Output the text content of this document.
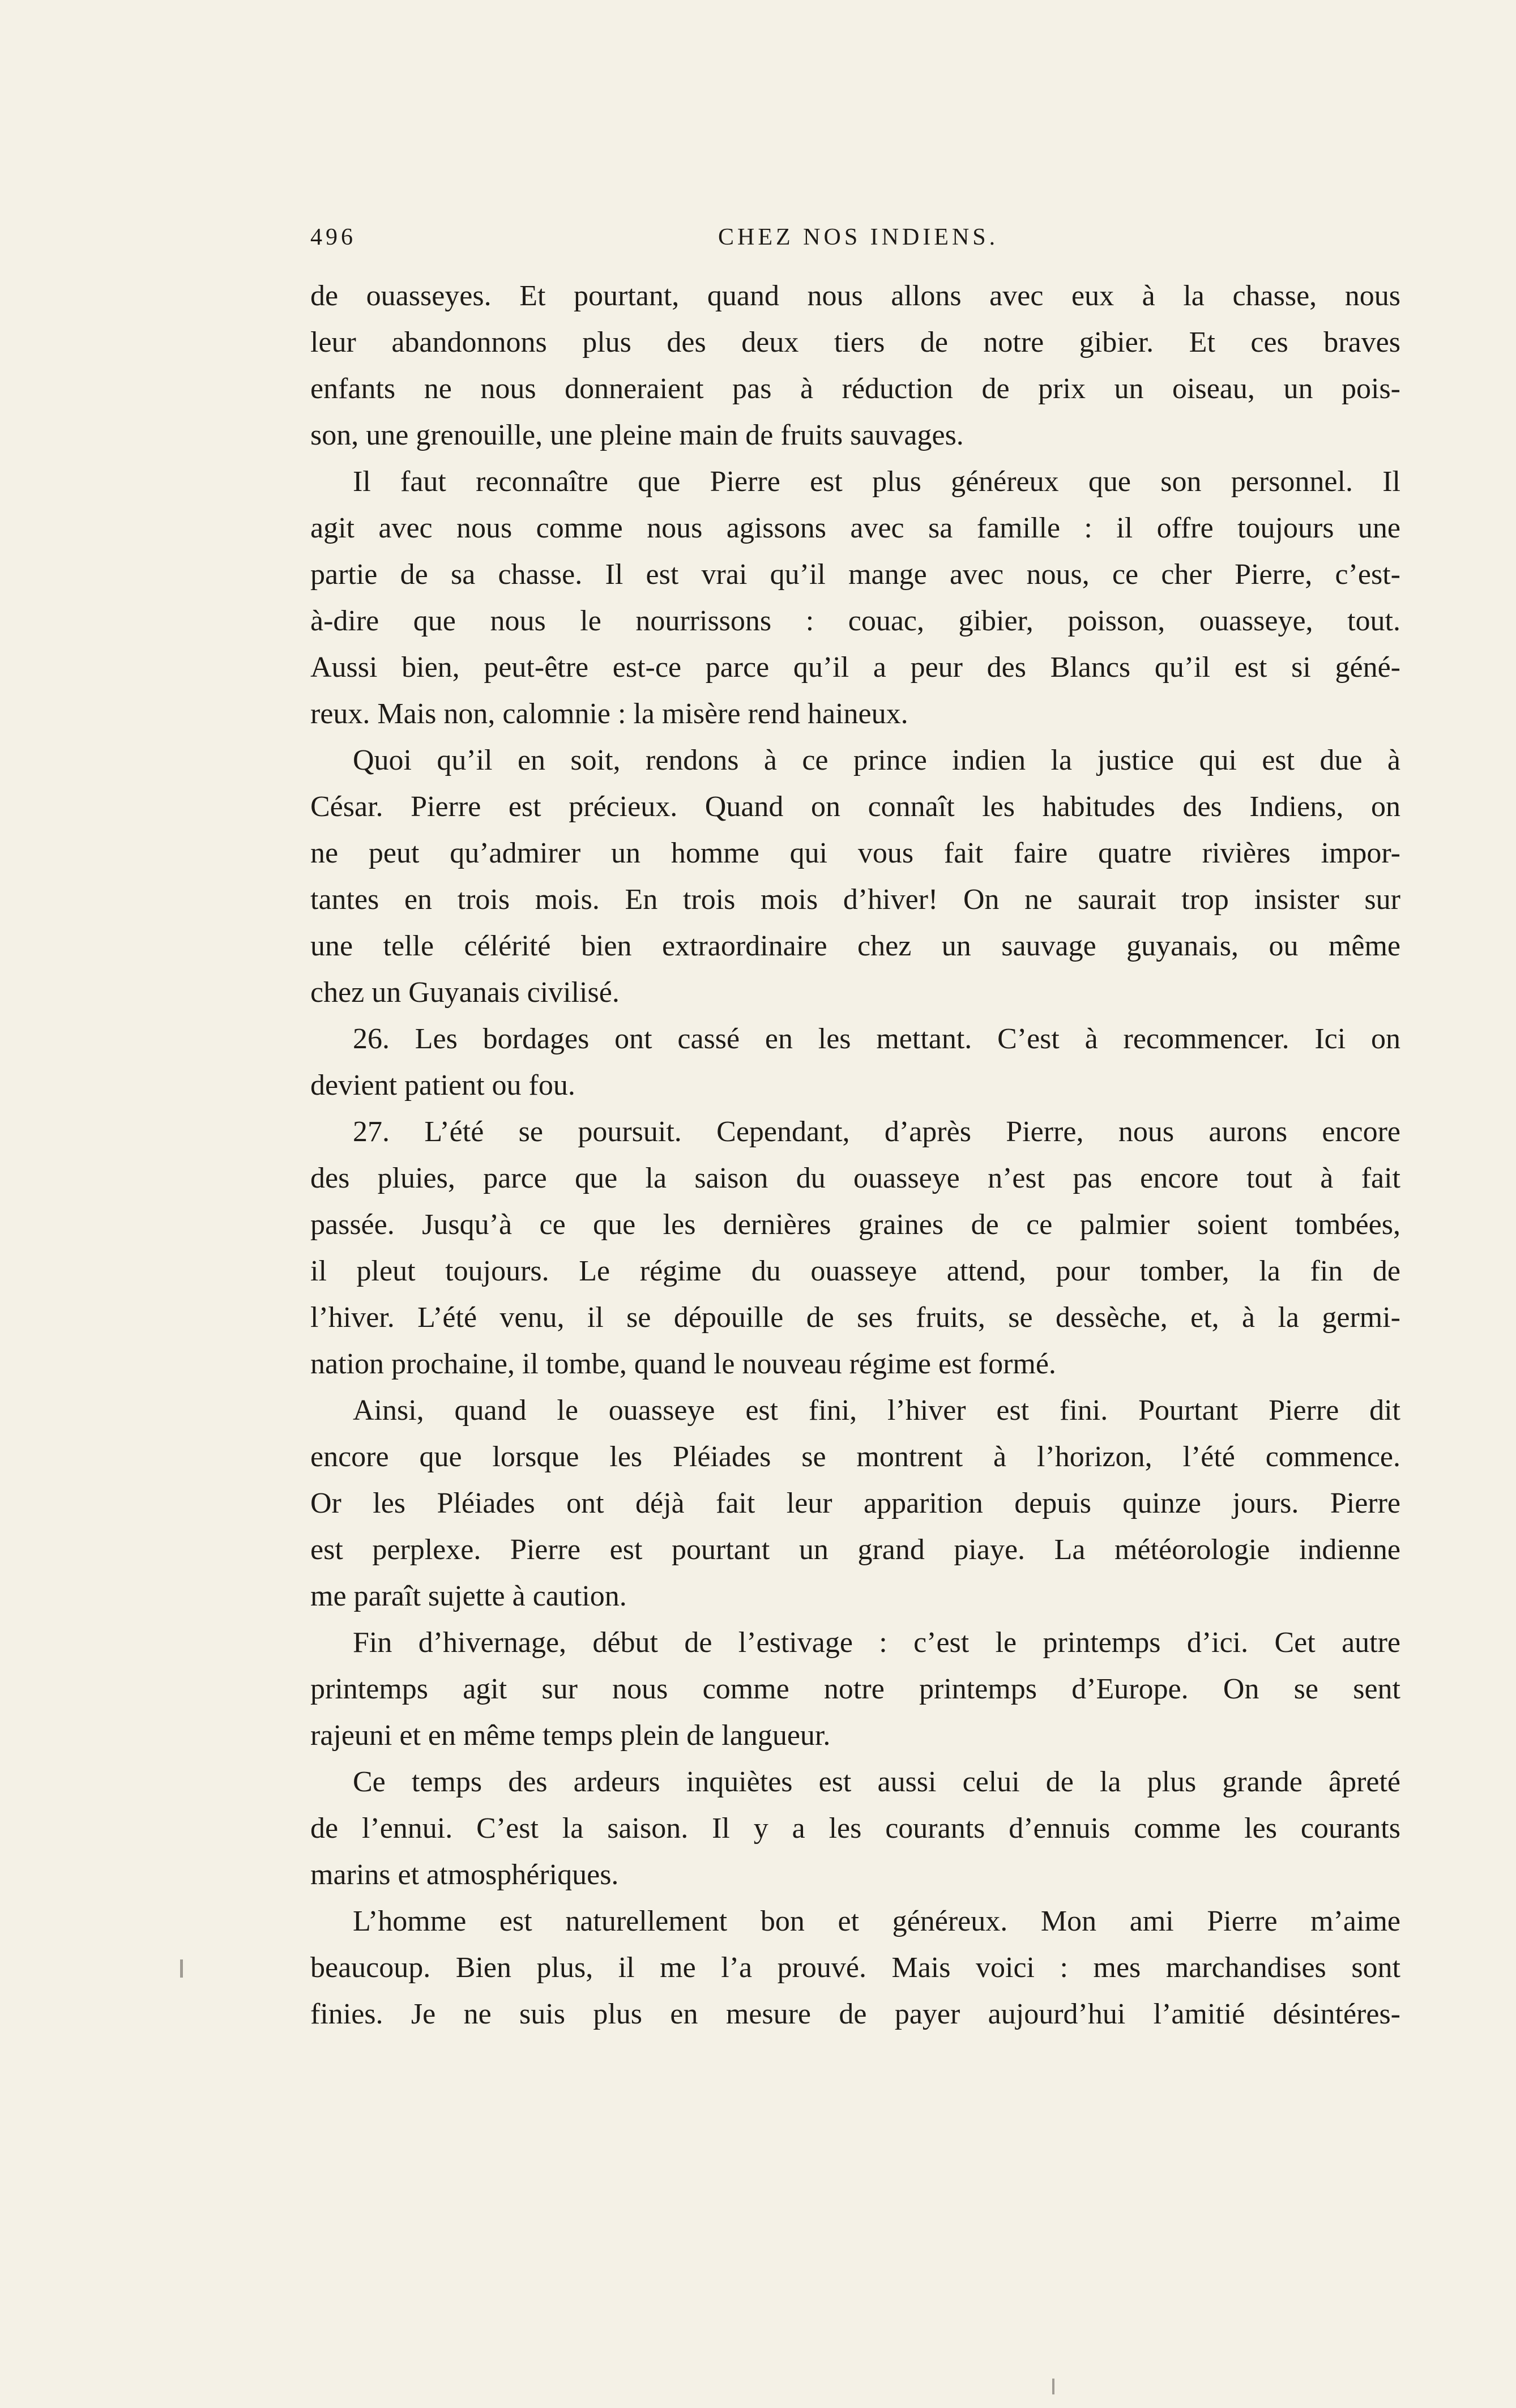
496	CHEZ NOS INDIENS.
de ouasseyes. Et pourtant, quand nous allons avec eux à la chasse, nous
leur abandonnons plus des deux tiers de notre gibier. Et ces braves
enfants ne nous donneraient pas à réduction de prix un oiseau, un pois-
son, une grenouille, une pleine main de fruits sauvages.
Il faut reconnaître que Pierre est plus généreux que son personnel. Il
agit avec nous comme nous agissons avec sa famille : il offre toujours une
partie de sa chasse. Il est vrai qu’il mange avec nous, ce cher Pierre, c’est-
à-dire que nous le nourrissons : couac, gibier, poisson, ouasseye, tout.
Aussi bien, peut-être est-ce parce qu’il a peur des Blancs qu’il est si géné-
reux. Mais non, calomnie : la misère rend haineux.
Quoi qu’il en soit, rendons à ce prince indien la justice qui est due à
César. Pierre est précieux. Quand on connaît les habitudes des Indiens, on
ne peut qu’admirer un homme qui vous fait faire quatre rivières impor-
tantes en trois mois. En trois mois d’hiver! On ne saurait trop insister sur
une telle célérité bien extraordinaire chez un sauvage guyanais, ou même
chez un Guyanais civilisé.
26. Les bordages ont cassé en les mettant. C’est à recommencer. Ici on
devient patient ou fou.
27. L’été se poursuit. Cependant, d’après Pierre, nous aurons encore
des pluies, parce que la saison du ouasseye n’est pas encore tout à fait
passée. Jusqu’à ce que les dernières graines de ce palmier soient tombées,
il pleut toujours. Le régime du ouasseye attend, pour tomber, la fin de
l’hiver. L’été venu, il se dépouille de ses fruits, se dessèche, et, à la germi-
nation prochaine, il tombe, quand le nouveau régime est formé.
Ainsi, quand le ouasseye est fini, l’hiver est fini. Pourtant Pierre dit
encore que lorsque les Pléiades se montrent à l’horizon, l’été commence.
Or les Pléiades ont déjà fait leur apparition depuis quinze jours. Pierre
est perplexe. Pierre est pourtant un grand piaye. La météorologie indienne
me paraît sujette à caution.
Fin d’hivernage, début de l’estivage : c’est le printemps d’ici. Cet autre
printemps agit sur nous comme notre printemps d’Europe. On se sent
rajeuni et en même temps plein de langueur.
Ce temps des ardeurs inquiètes est aussi celui de la plus grande âpreté
de l’ennui. C’est la saison. Il y a les courants d’ennuis comme les courants
marins et atmosphériques.
L’homme est naturellement bon et généreux. Mon ami Pierre m’aime
beaucoup. Bien plus, il me l’a prouvé. Mais voici : mes marchandises sont
finies. Je ne suis plus en mesure de payer aujourd’hui l’amitié désintéres-
